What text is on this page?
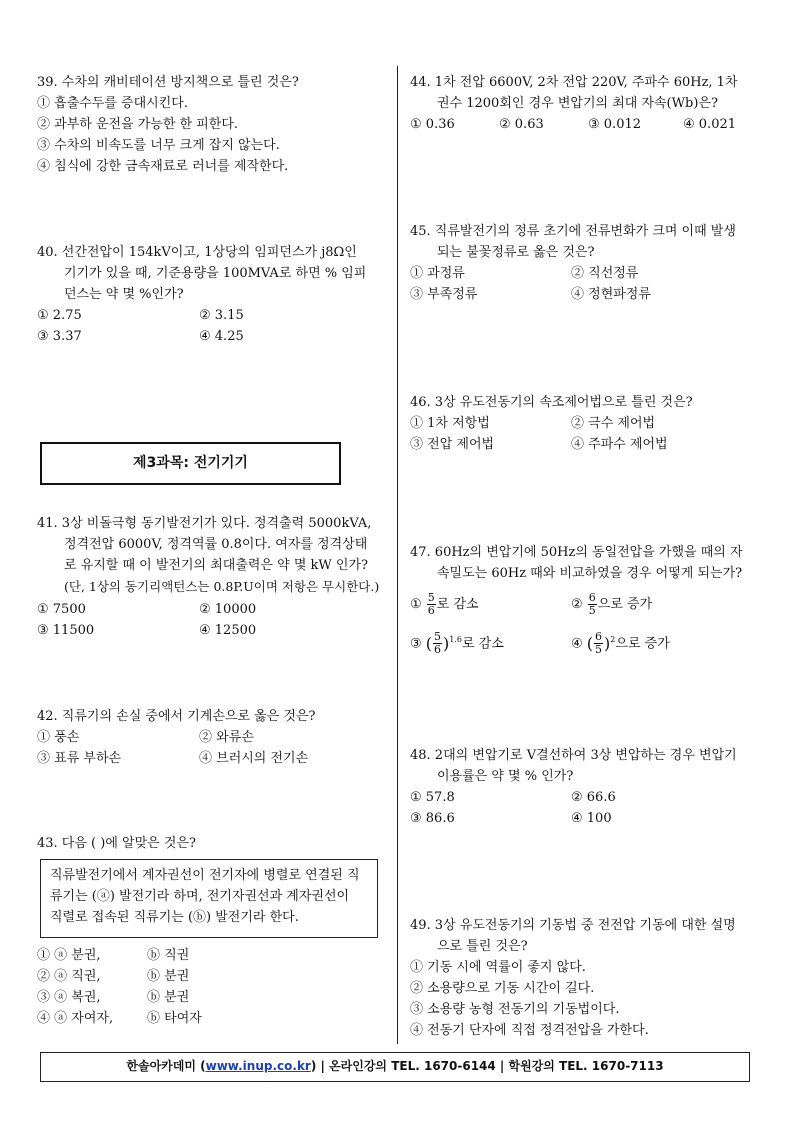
39. 수차의 캐비테이션 방지책으로 틀린 것은?
① 흡출수두를 증대시킨다.
② 과부하 운전을 가능한 한 피한다.
③ 수차의 비속도를 너무 크게 잡지 않는다.
④ 침식에 강한 금속재료로 러너를 제작한다.
40. 선간전압이 154kV이고, 1상당의 임피던스가 j8Ω인
기기가 있을 때, 기준용량을 100MVA로 하면 % 임피
던스는 약 몇 %인가?
① 2.75	② 3.15
③ 3.37	④ 4.25
제3과목: 전기기기
41. 3상 비돌극형 동기발전기가 있다. 정격출력 5000kVA,
정격전압 6000V, 정격역률 0.8이다. 여자를 정격상태
로 유지할 때 이 발전기의 최대출력은 약 몇 kW 인가?
(단, 1상의 동기리액턴스는 0.8P.U이며 저항은 무시한다.)
① 7500	② 10000
③ 11500	④ 12500
42. 직류기의 손실 중에서 기계손으로 옳은 것은?
① 풍손	② 와류손
③ 표류 부하손	④ 브러시의 전기손
43. 다음 ( )에 알맞은 것은?
직류발전기에서 계자권선이 전기자에 병렬로 연결된 직
류기는 (ⓐ) 발전기라 하며, 전기자권선과 계자권선이
직렬로 접속된 직류기는 (ⓑ) 발전기라 한다.
① ⓐ 분권,	ⓑ 직권
② ⓐ 직권,	ⓑ 분권
③ ⓐ 복권,	ⓑ 분권
④ ⓐ 자여자,	ⓑ 타여자
44. 1차 전압 6600V, 2차 전압 220V, 주파수 60Hz, 1차
권수 1200회인 경우 변압기의 최대 자속(Wb)은?
① 0.36	② 0.63	③ 0.012	④ 0.021
45. 직류발전기의 정류 초기에 전류변화가 크며 이때 발생
되는 불꽃정류로 옳은 것은?
① 과정류	② 직선정류
③ 부족정류	④ 정현파정류
46. 3상 유도전동기의 속조제어법으로 틀린 것은?
① 1차 저항법	② 극수 제어법
③ 전압 제어법	④ 주파수 제어법
47. 60Hz의 변압기에 50Hz의 동일전압을 가했을 때의 자
속밀도는 60Hz 때와 비교하였을 경우 어떻게 되는가?
① $\frac{5}{6}$ 로 감소	② $\frac{6}{5}$ 으로 증가
③ ( $\frac{5}{6} )^{1.6}$로 감소	④ ( $\frac{6}{5} )^2$으로 증가
48. 2대의 변압기로 V결선하여 3상 변압하는 경우 변압기
이용률은 약 몇 % 인가?
① 57.8	② 66.6
③ 86.6	④ 100
49. 3상 유도전동기의 기동법 중 전전압 기동에 대한 설명
으로 틀린 것은?
① 기동 시에 역률이 좋지 않다.
② 소용량으로 기동 시간이 길다.
③ 소용량 농형 전동기의 기동법이다.
④ 전동기 단자에 직접 정격전압을 가한다.
한솔아카데미 (www.inup.co.kr) | 온라인강의 TEL. 1670-6144 | 학원강의 TEL. 1670-7113
